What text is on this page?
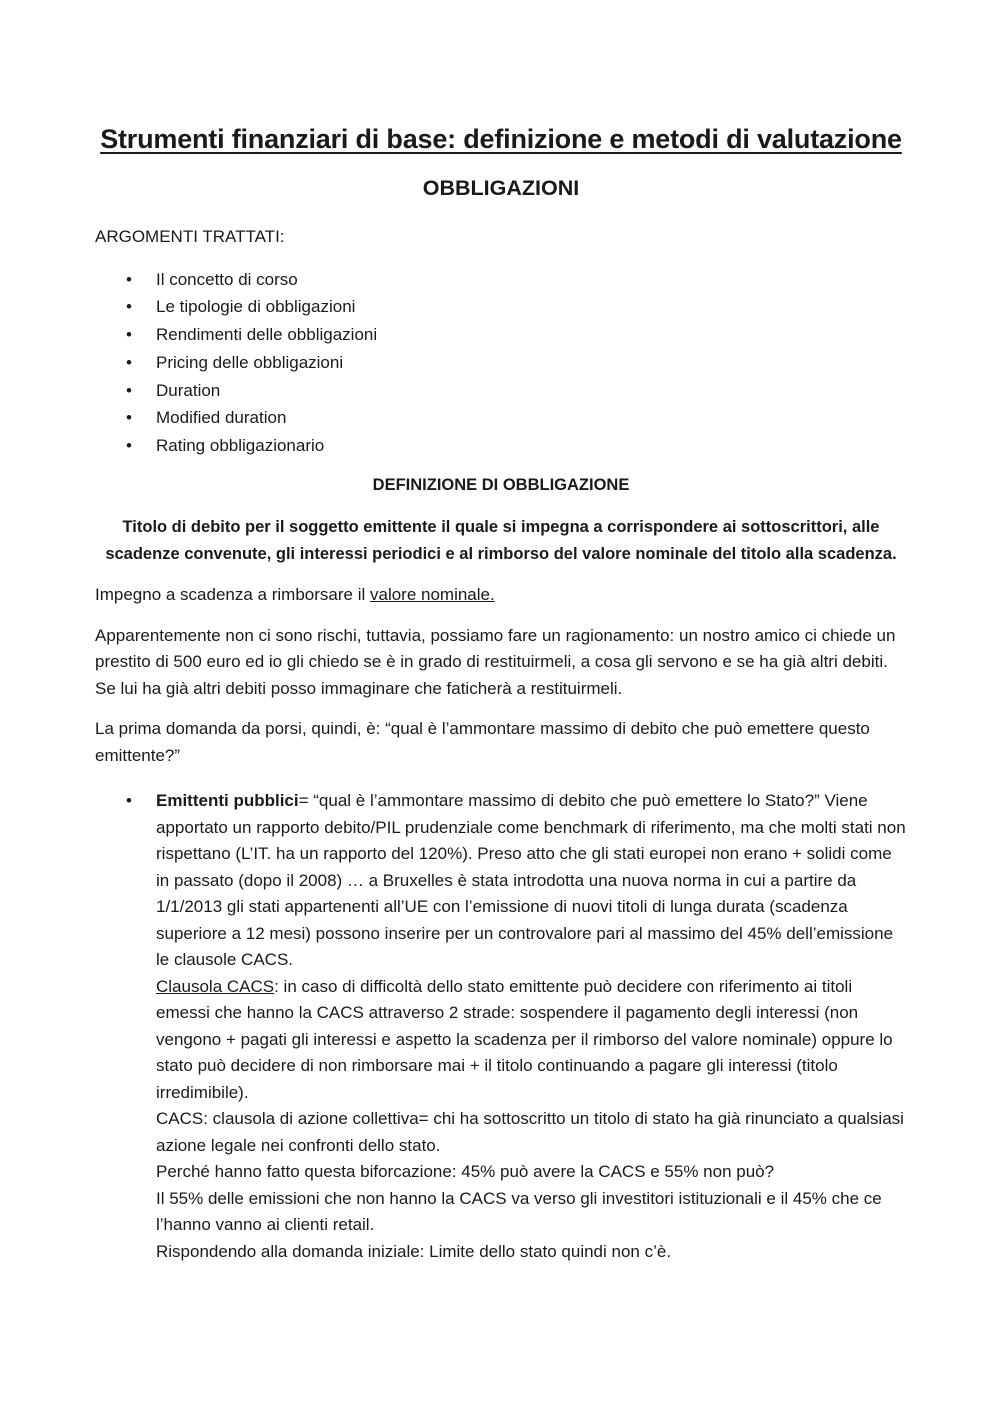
Strumenti finanziari di base: definizione e metodi di valutazione
OBBLIGAZIONI

ARGOMENTI TRATTATI:

• Il concetto di corso
• Le tipologie di obbligazioni
• Rendimenti delle obbligazioni
• Pricing delle obbligazioni
• Duration
• Modified duration
• Rating obbligazionario

DEFINIZIONE DI OBBLIGAZIONE

Titolo di debito per il soggetto emittente il quale si impegna a corrispondere ai sottoscrittori, alle scadenze convenute, gli interessi periodici e al rimborso del valore nominale del titolo alla scadenza.

Impegno a scadenza a rimborsare il valore nominale.

Apparentemente non ci sono rischi, tuttavia, possiamo fare un ragionamento: un nostro amico ci chiede un prestito di 500 euro ed io gli chiedo se è in grado di restituirmeli, a cosa gli servono e se ha già altri debiti. Se lui ha già altri debiti posso immaginare che faticherà a restituirmeli.

La prima domanda da porsi, quindi, è: “qual è l’ammontare massimo di debito che può emettere questo emittente?”

• Emittenti pubblici= “qual è l’ammontare massimo di debito che può emettere lo Stato?” Viene apportato un rapporto debito/PIL prudenziale come benchmark di riferimento, ma che molti stati non rispettano (L’IT. ha un rapporto del 120%). Preso atto che gli stati europei non erano + solidi come in passato (dopo il 2008) … a Bruxelles è stata introdotta una nuova norma in cui a partire da 1/1/2013 gli stati appartenenti all’UE con l’emissione di nuovi titoli di lunga durata (scadenza superiore a 12 mesi) possono inserire per un controvalore pari al massimo del 45% dell’emissione le clausole CACS.
Clausola CACS: in caso di difficoltà dello stato emittente può decidere con riferimento ai titoli emessi che hanno la CACS attraverso 2 strade: sospendere il pagamento degli interessi (non vengono + pagati gli interessi e aspetto la scadenza per il rimborso del valore nominale) oppure lo stato può decidere di non rimborsare mai + il titolo continuando a pagare gli interessi (titolo irredimibile).
CACS: clausola di azione collettiva= chi ha sottoscritto un titolo di stato ha già rinunciato a qualsiasi azione legale nei confronti dello stato.
Perché hanno fatto questa biforcazione: 45% può avere la CACS e 55% non può?
Il 55% delle emissioni che non hanno la CACS va verso gli investitori istituzionali e il 45% che ce l’hanno vanno ai clienti retail.
Rispondendo alla domanda iniziale: Limite dello stato quindi non c’è.
